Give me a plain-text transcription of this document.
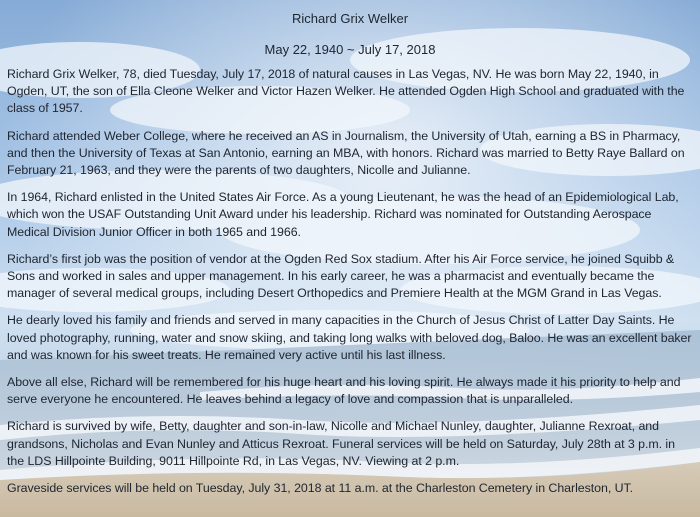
Richard Grix Welker
May 22, 1940 ~ July 17, 2018

Richard Grix Welker, 78, died Tuesday, July 17, 2018 of natural causes in Las Vegas, NV. He was born May 22, 1940, in Ogden, UT, the son of Ella Cleone Welker and Victor Hazen Welker. He attended Ogden High School and graduated with the class of 1957.

Richard attended Weber College, where he received an AS in Journalism, the University of Utah, earning a BS in Pharmacy, and then the University of Texas at San Antonio, earning an MBA, with honors. Richard was married to Betty Raye Ballard on February 21, 1963, and they were the parents of two daughters, Nicolle and Julianne.

In 1964, Richard enlisted in the United States Air Force. As a young Lieutenant, he was the head of an Epidemiological Lab, which won the USAF Outstanding Unit Award under his leadership. Richard was nominated for Outstanding Aerospace Medical Division Junior Officer in both 1965 and 1966.

Richard’s first job was the position of vendor at the Ogden Red Sox stadium. After his Air Force service, he joined Squibb & Sons and worked in sales and upper management. In his early career, he was a pharmacist and eventually became the manager of several medical groups, including Desert Orthopedics and Premiere Health at the MGM Grand in Las Vegas.

He dearly loved his family and friends and served in many capacities in the Church of Jesus Christ of Latter Day Saints. He loved photography, running, water and snow skiing, and taking long walks with beloved dog, Baloo. He was an excellent baker and was known for his sweet treats. He remained very active until his last illness.

Above all else, Richard will be remembered for his huge heart and his loving spirit. He always made it his priority to help and serve everyone he encountered. He leaves behind a legacy of love and compassion that is unparalleled.

Richard is survived by wife, Betty, daughter and son-in-law, Nicolle and Michael Nunley, daughter, Julianne Rexroat, and grandsons, Nicholas and Evan Nunley and Atticus Rexroat. Funeral services will be held on Saturday, July 28th at 3 p.m. in the LDS Hillpointe Building, 9011 Hillpointe Rd, in Las Vegas, NV. Viewing at 2 p.m.

Graveside services will be held on Tuesday, July 31, 2018 at 11 a.m. at the Charleston Cemetery in Charleston, UT.
